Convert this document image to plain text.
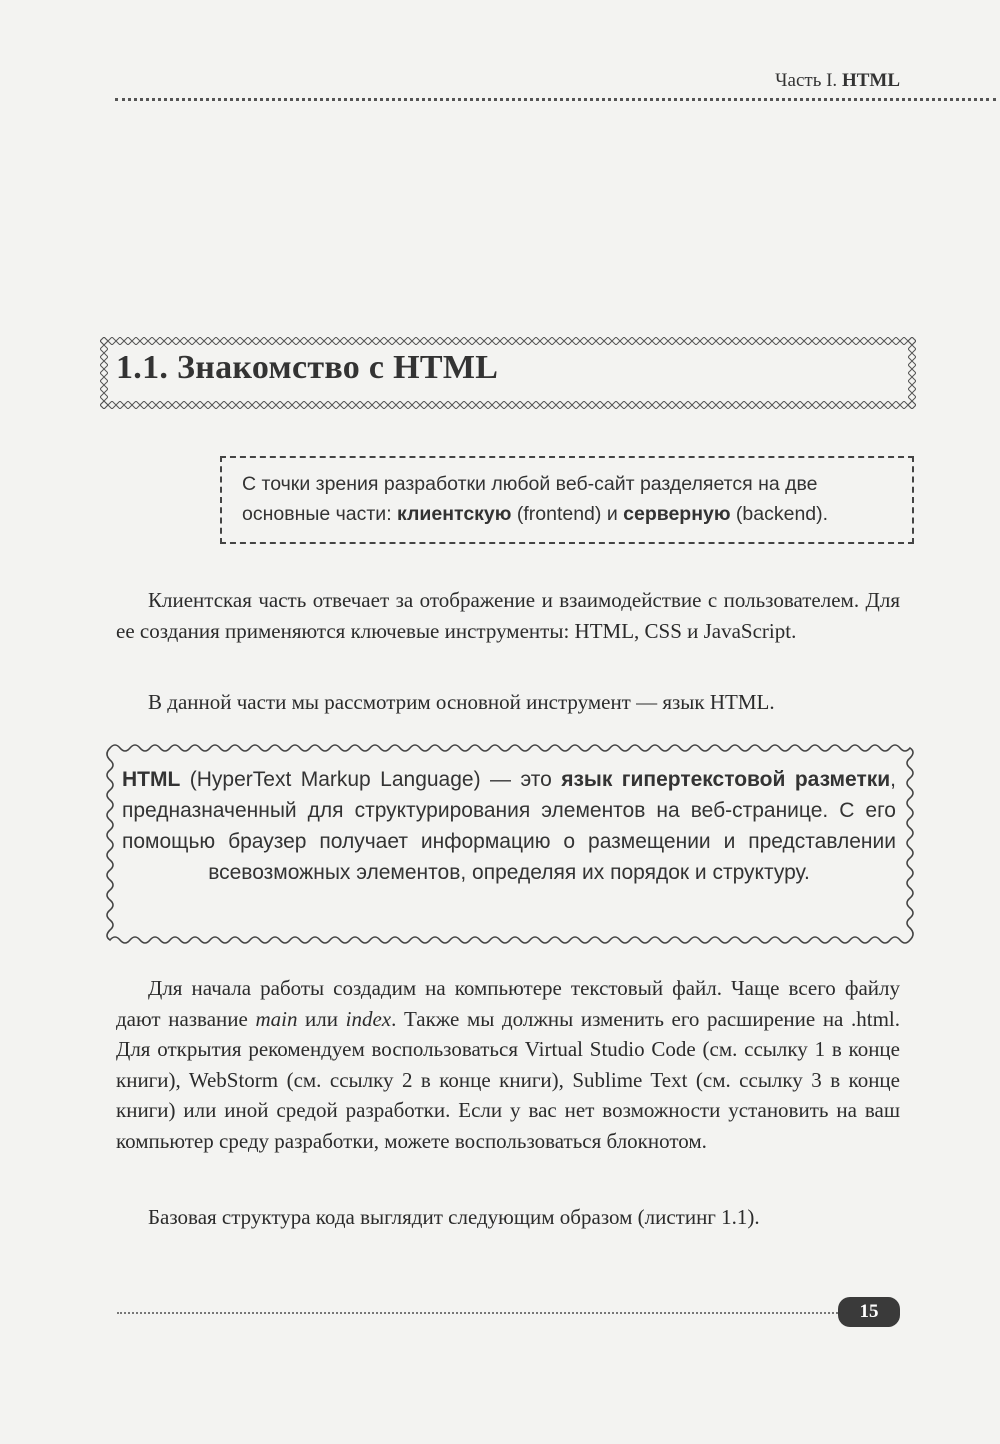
Часть I. HTML
1.1. Знакомство с HTML
С точки зрения разработки любой веб-сайт разделяется на две основные части: клиентскую (frontend) и серверную (backend).
Клиентская часть отвечает за отображение и взаимодействие с пользователем. Для ее создания применяются ключевые инструменты: HTML, CSS и JavaScript.
В данной части мы рассмотрим основной инструмент — язык HTML.
HTML (HyperText Markup Language) — это язык гипертекстовой разметки, предназначенный для структурирования элементов на веб-странице. С его помощью браузер получает информацию о размещении и представлении всевозможных элементов, определяя их порядок и структуру.
Для начала работы создадим на компьютере текстовый файл. Чаще всего файлу дают название main или index. Также мы должны изменить его расширение на .html. Для открытия рекомендуем воспользоваться Virtual Studio Code (см. ссылку 1 в конце книги), WebStorm (см. ссылку 2 в конце книги), Sublime Text (см. ссылку 3 в конце книги) или иной средой разработки. Если у вас нет возможности установить на ваш компьютер среду разработки, можете воспользоваться блокнотом.
Базовая структура кода выглядит следующим образом (листинг 1.1).
15
